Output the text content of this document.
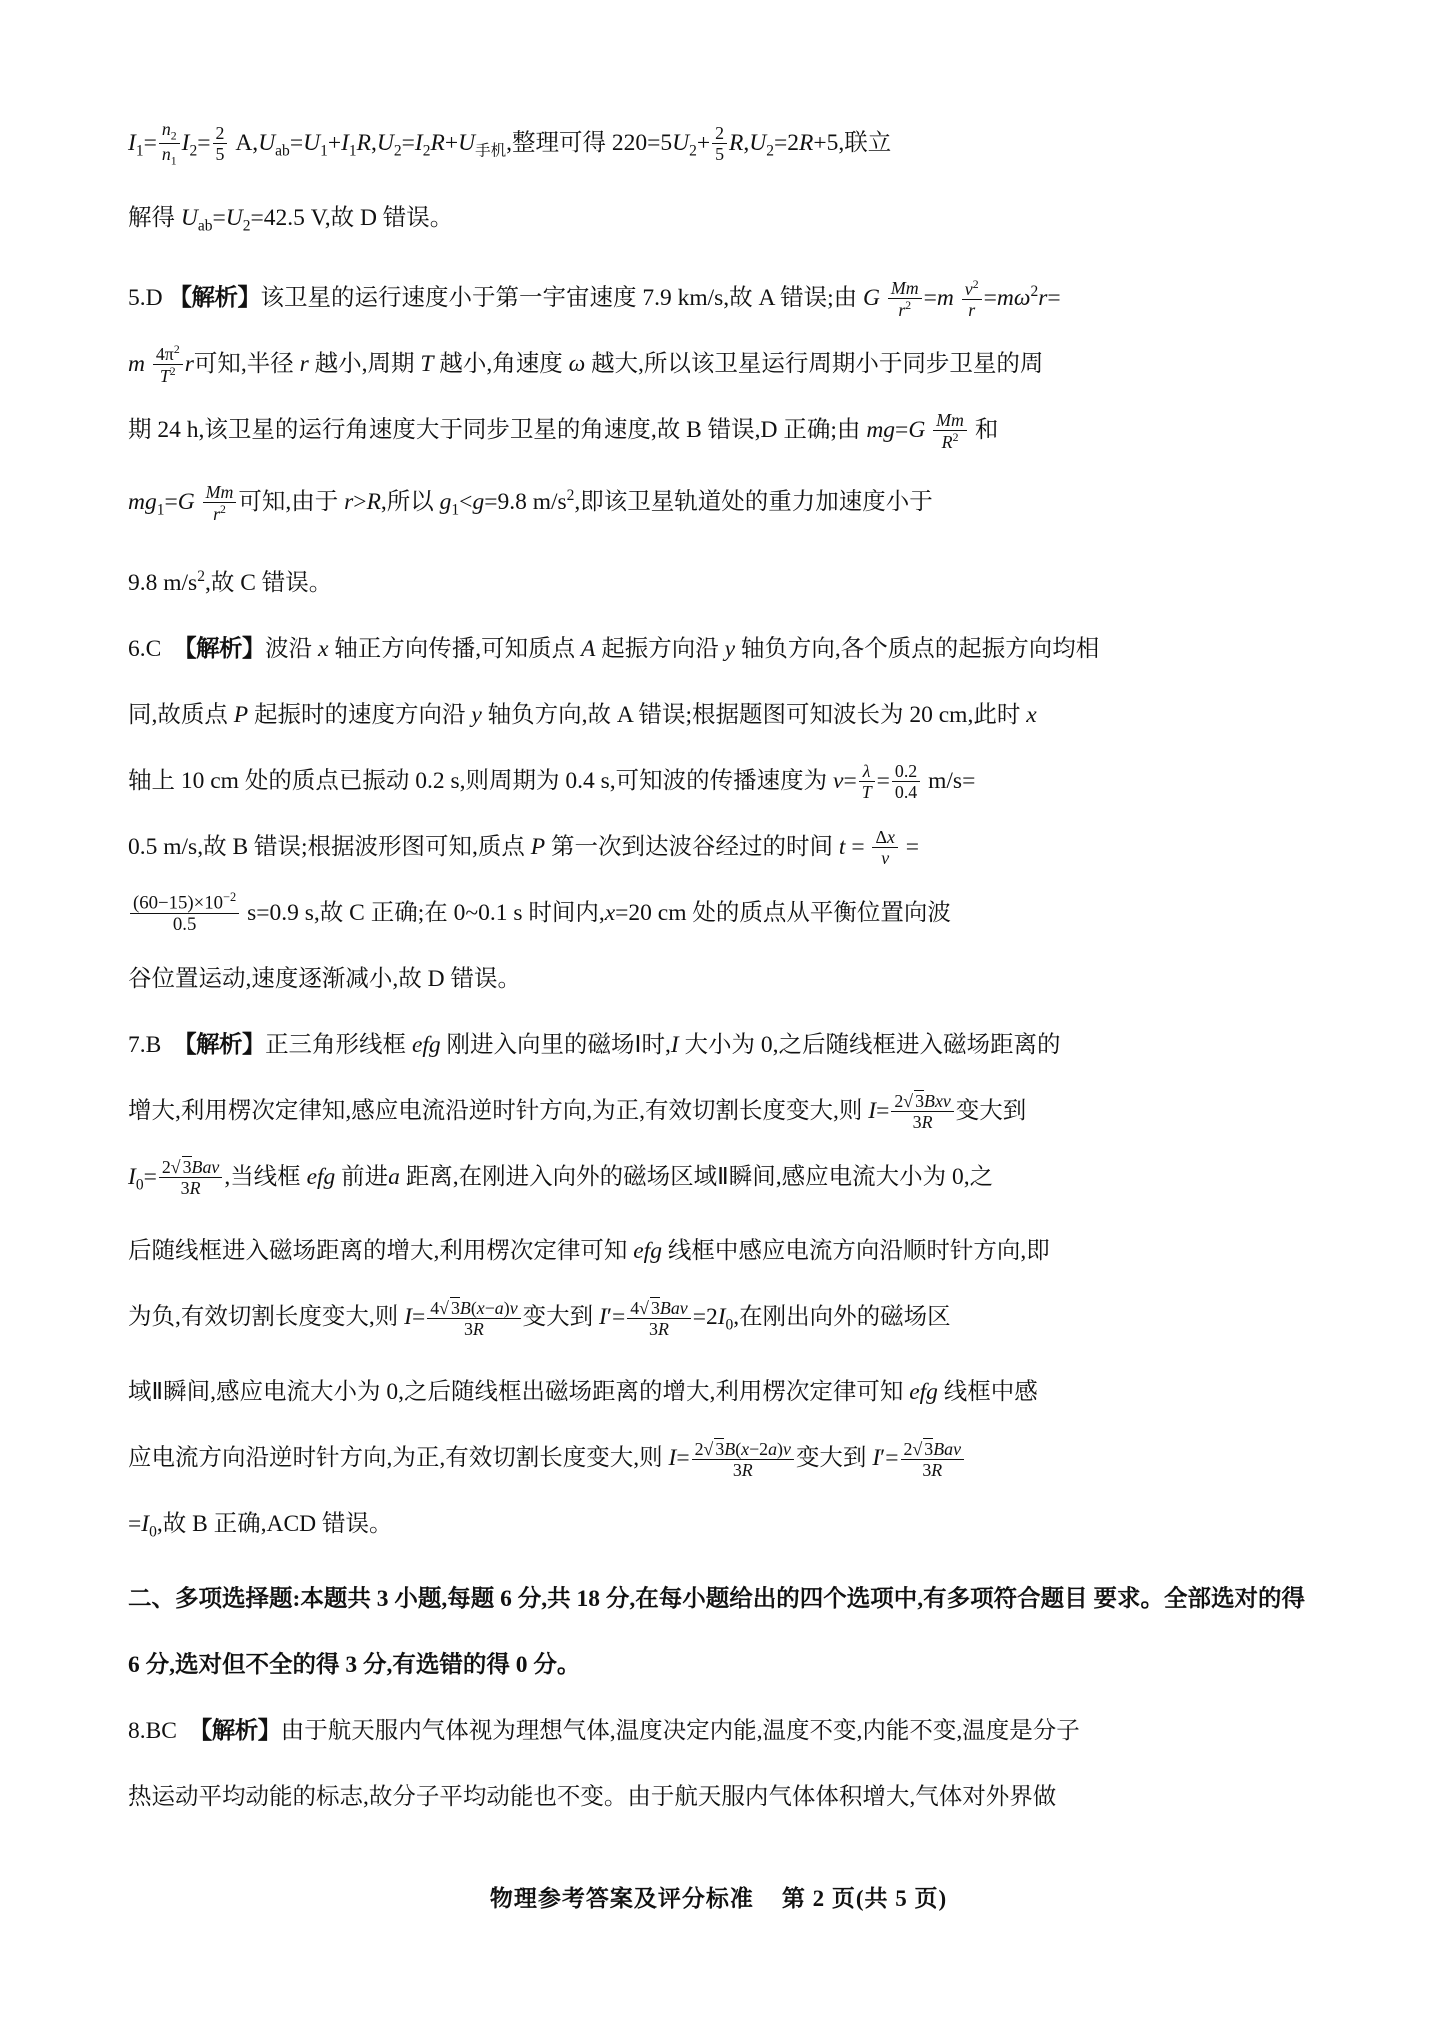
$I_1= \frac{n_2}{n_1} I_2= \frac{2}{5} A,U_{ab}=U_1+I_1R,U_2=I_2R+U_{手机}$,整理可得 $220=5U_2+ \frac{2}{5} R,U_2=2R+5$,联立
解得 $U_{ab}=U_2=42.5$ V,故 D 错误。
5.D 【解析】该卫星的运行速度小于第一宇宙速度 7.9 km/s,故 A 错误;由 G $\frac{Mm}{r^2} =m \frac{v^2}{r} =m\omega^2r=$
m $\frac{4\pi^2}{T^2}$ r可知,半径 r 越小,周期 T 越小,角速度 ω 越大,所以该卫星运行周期小于同步卫星的周
期 24 h,该卫星的运行角速度大于同步卫星的角速度,故 B 错误,D 正确;由 $mg=G \frac{Mm}{R^2}$ 和
$mg_1=G \frac{Mm}{r^2}$ 可知,由于 r>R,所以 $g_1<g=9.8$ $m/s^2$,即该卫星轨道处的重力加速度小于
9.8 $m/s^2$,故 C 错误。
6.C 【解析】波沿 x 轴正方向传播,可知质点 A 起振方向沿 y 轴负方向,各个质点的起振方向均相
同,故质点 P 起振时的速度方向沿 y 轴负方向,故 A 错误;根据题图可知波长为 20 cm,此时 x
轴上 10 cm 处的质点已振动 0.2 s,则周期为 0.4 s,可知波的传播速度为 $v= \frac{\lambda}{T} = \frac{0.2}{0.4} m/s=$
0.5 m/s,故 B 错误;根据波形图可知,质点 P 第一次到达波谷经过的时间 $t = \frac{\Delta x}{v}$ =
$\frac{(60-15)\times 10^{-2}}{0.5} s=0.9$ s,故 C 正确;在 0~0.1 s 时间内,x=20 cm 处的质点从平衡位置向波
谷位置运动,速度逐渐减小,故 D 错误。
7.B 【解析】正三角形线框 efg 刚进入向里的磁场Ⅰ时,I 大小为 0,之后随线框进入磁场距离的
增大,利用楞次定律知,感应电流沿逆时针方向,为正,有效切割长度变大,则 $I= \frac{\text{2√ 3Bxv}}{3R}$ 变大到
$I_0= \frac{\text{2√ 3Bav}}{3R}$ ,当线框 efg 前进a 距离,在刚进入向外的磁场区域Ⅱ瞬间,感应电流大小为 0,之
后随线框进入磁场距离的增大,利用楞次定律可知 efg 线框中感应电流方向沿顺时针方向,即
为负,有效切割长度变大,则 $I= \frac{4√ 3B(x-a)v}{3R}$ 变大到 $I'= \frac{\text{4√ 3Bav}}{3R} =2I_0$,在刚出向外的磁场区
域Ⅱ瞬间,感应电流大小为 0,之后随线框出磁场距离的增大,利用楞次定律可知 efg 线框中感
应电流方向沿逆时针方向,为正,有效切割长度变大,则 $I= \frac{2√ 3B(x-2a)v}{3R}$ 变大到 $I'= \frac{\text{2√ 3Bav}}{3R}$
$=I_0$,故 B 正确,ACD 错误。
二、多项选择题:本题共 3 小题,每题 6 分,共 18 分,在每小题给出的四个选项中,有多项符合题目 要求。全部选对的得 6 分,选对但不全的得 3 分,有选错的得 0 分。
8.BC 【解析】由于航天服内气体视为理想气体,温度决定内能,温度不变,内能不变,温度是分子
热运动平均动能的标志,故分子平均动能也不变。由于航天服内气体体积增大,气体对外界做
物理参考答案及评分标准 第 2 页(共 5 页)
